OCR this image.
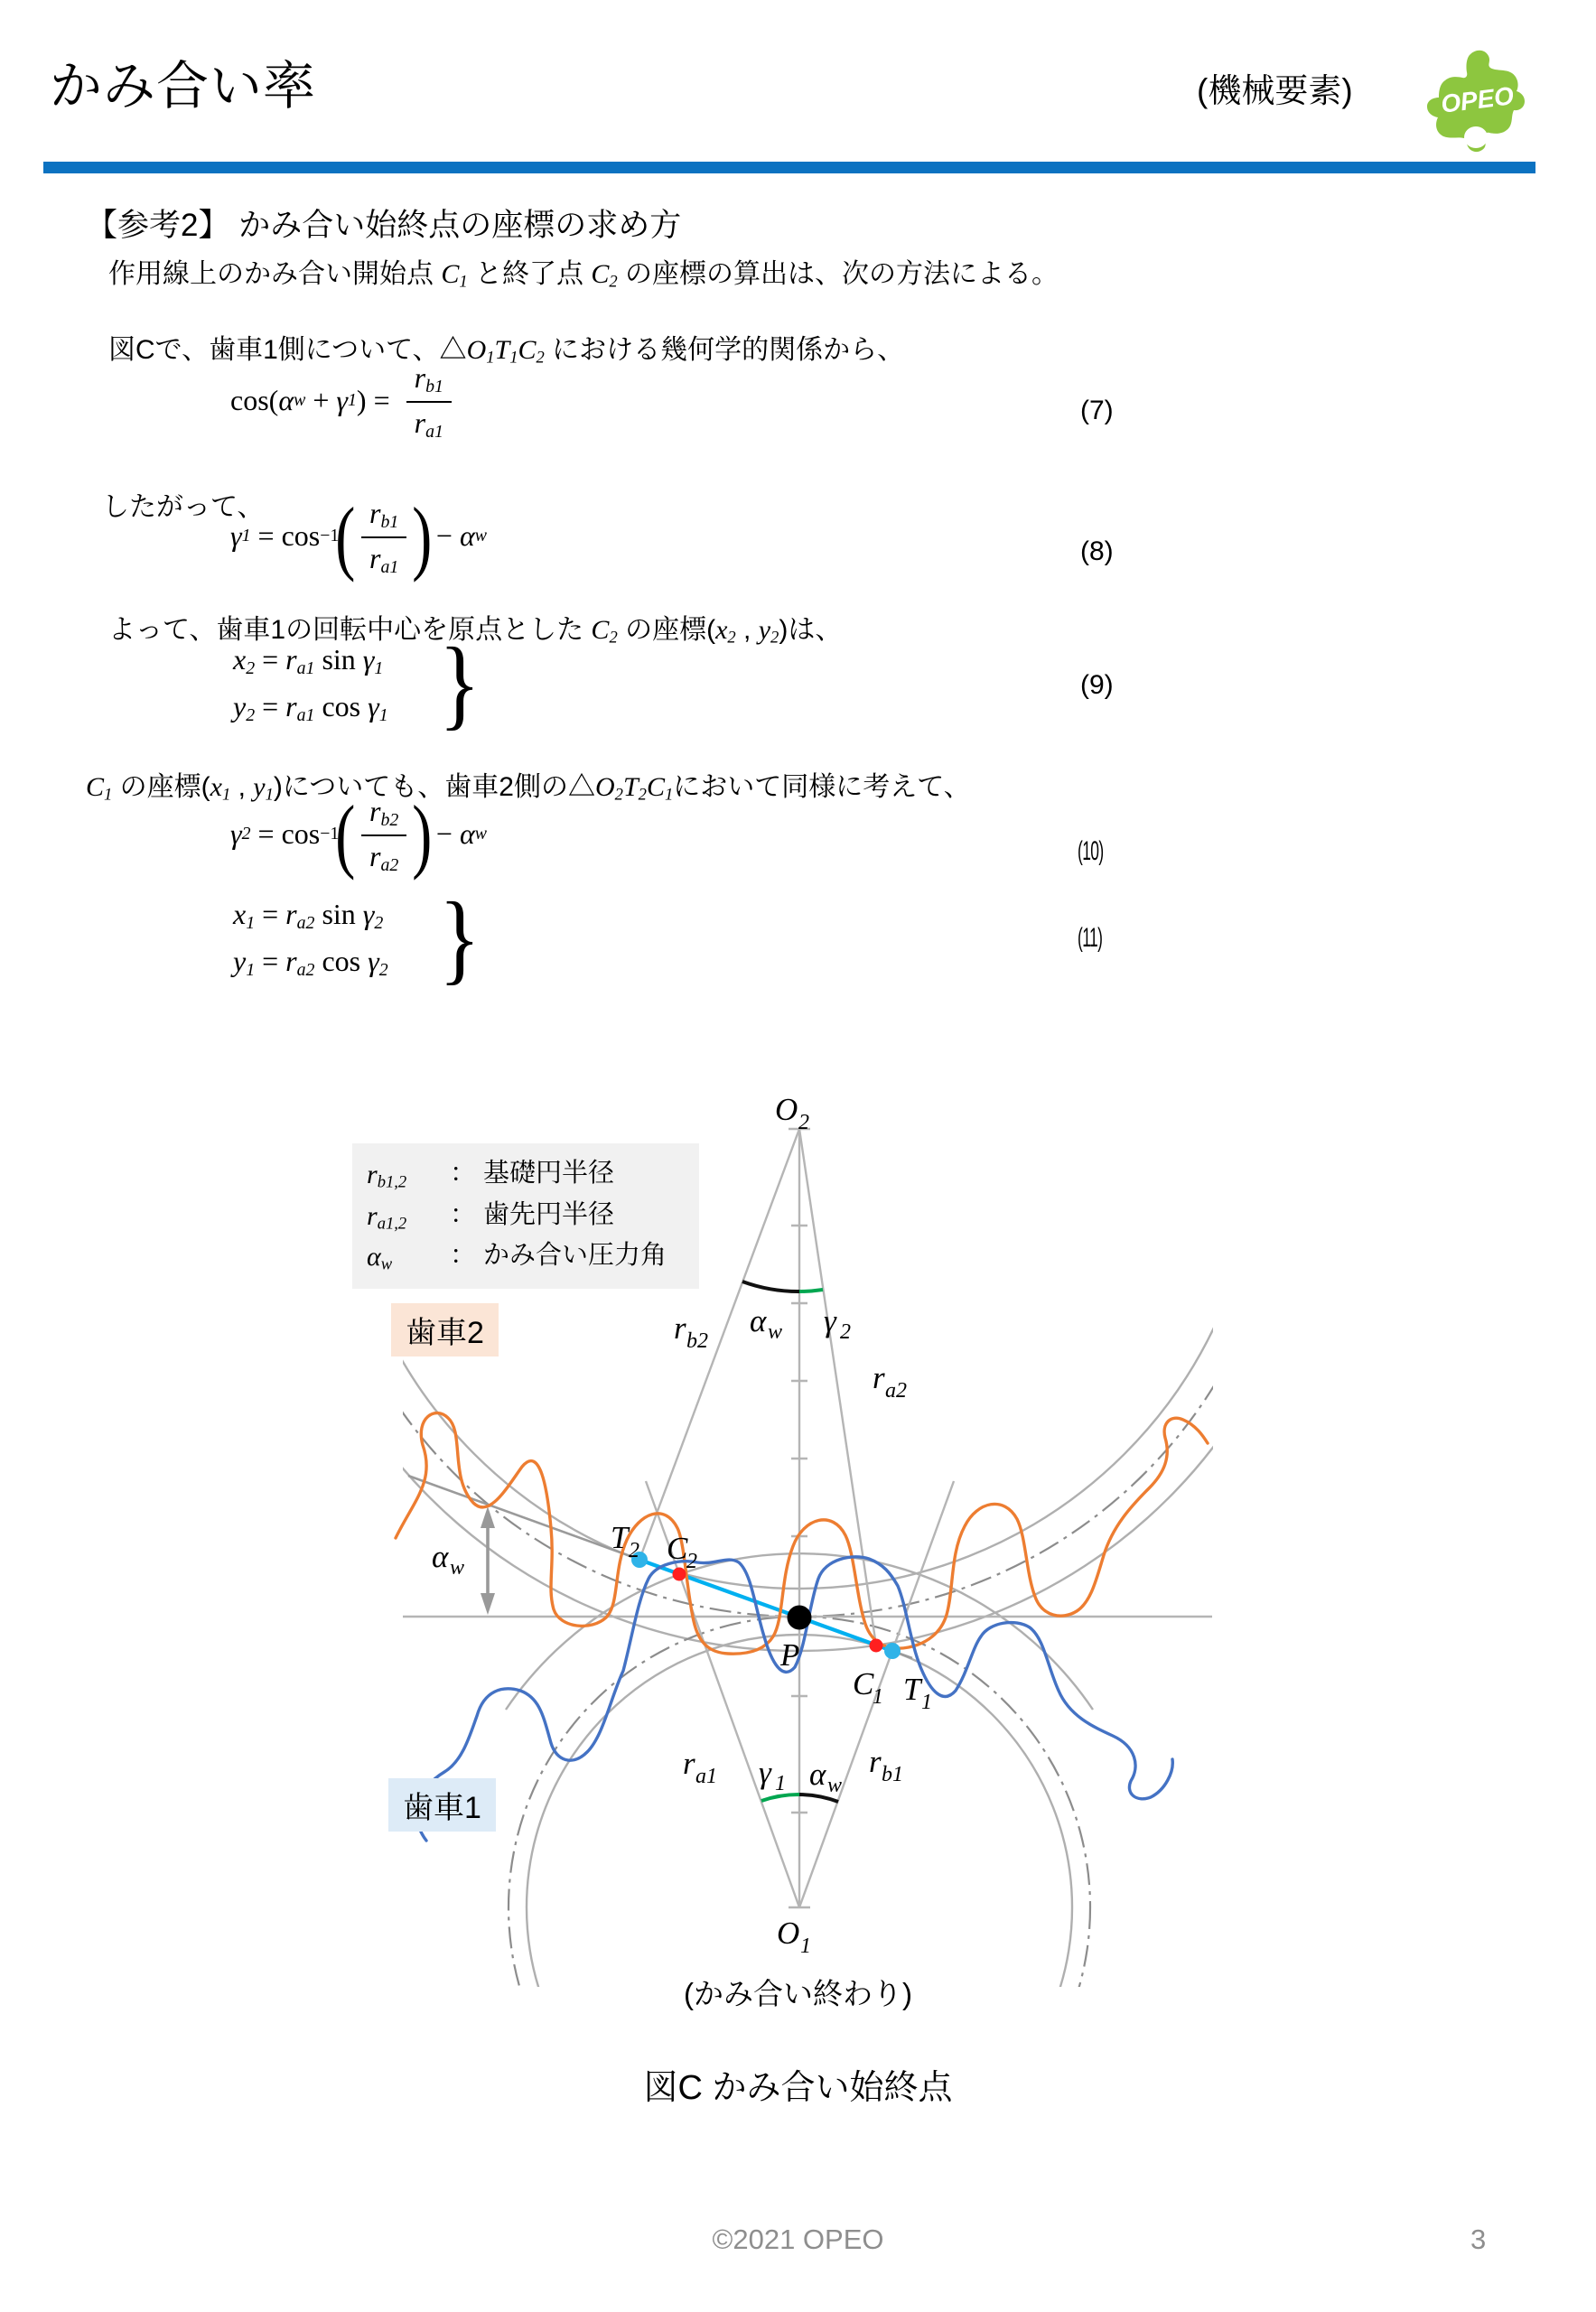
かみ合い率	(機械要素)	OPEO
【参考2】 かみ合い始終点の座標の求め方
作用線上のかみ合い開始点 $C_1$ と終了点 $C_2$ の座標の算出は、次の方法による。
図Cで、歯車1側について、$\triangle O_1T_1C_2$ における幾何学的関係から、
cos( α w + γ 1 ) = $\frac{r_{b1}}{r_{a1}}$	(7)
したがって、
γ 1 = cos −1
( $\frac{r_{b1}}{r_{a1}}$ )
− α w
(8)
よって、歯車1の回転中心を原点とした $C_2$ の座標($x_2$ , $y_2$)は、
$x_2 = r_{a1}$ $\sin \gamma_1$
$y_2 = r_{a1}$ $\cos \gamma_1$ }	(9)
$C_1$ の座標($x_1$ , $y_1$)についても、歯車2側の$\triangle O_2T_2C_1$において同様に考えて、
γ 2 = cos −1
( $\frac{r_{b2}}{r_{a2}}$ )
− α w
(10)
$x_1 = r_{a2}$ $\sin \gamma_2$
$y_1 = r_{a2}$ $\cos \gamma_2$ }	(11)
O 2
r b2
α w γ 2
r a2
α w
T 2 C
2
P
C
1 T 1
r a1 γ 1 α w
r b1
O 1
$r_{b1,2}$	： 基礎円半径
$r_{a1,2}$	： 歯先円半径
$\alpha_w$	： かみ合い圧力角
歯車2
歯車1
(かみ合い終わり)
図C かみ合い始終点
©2021 OPEO	3
